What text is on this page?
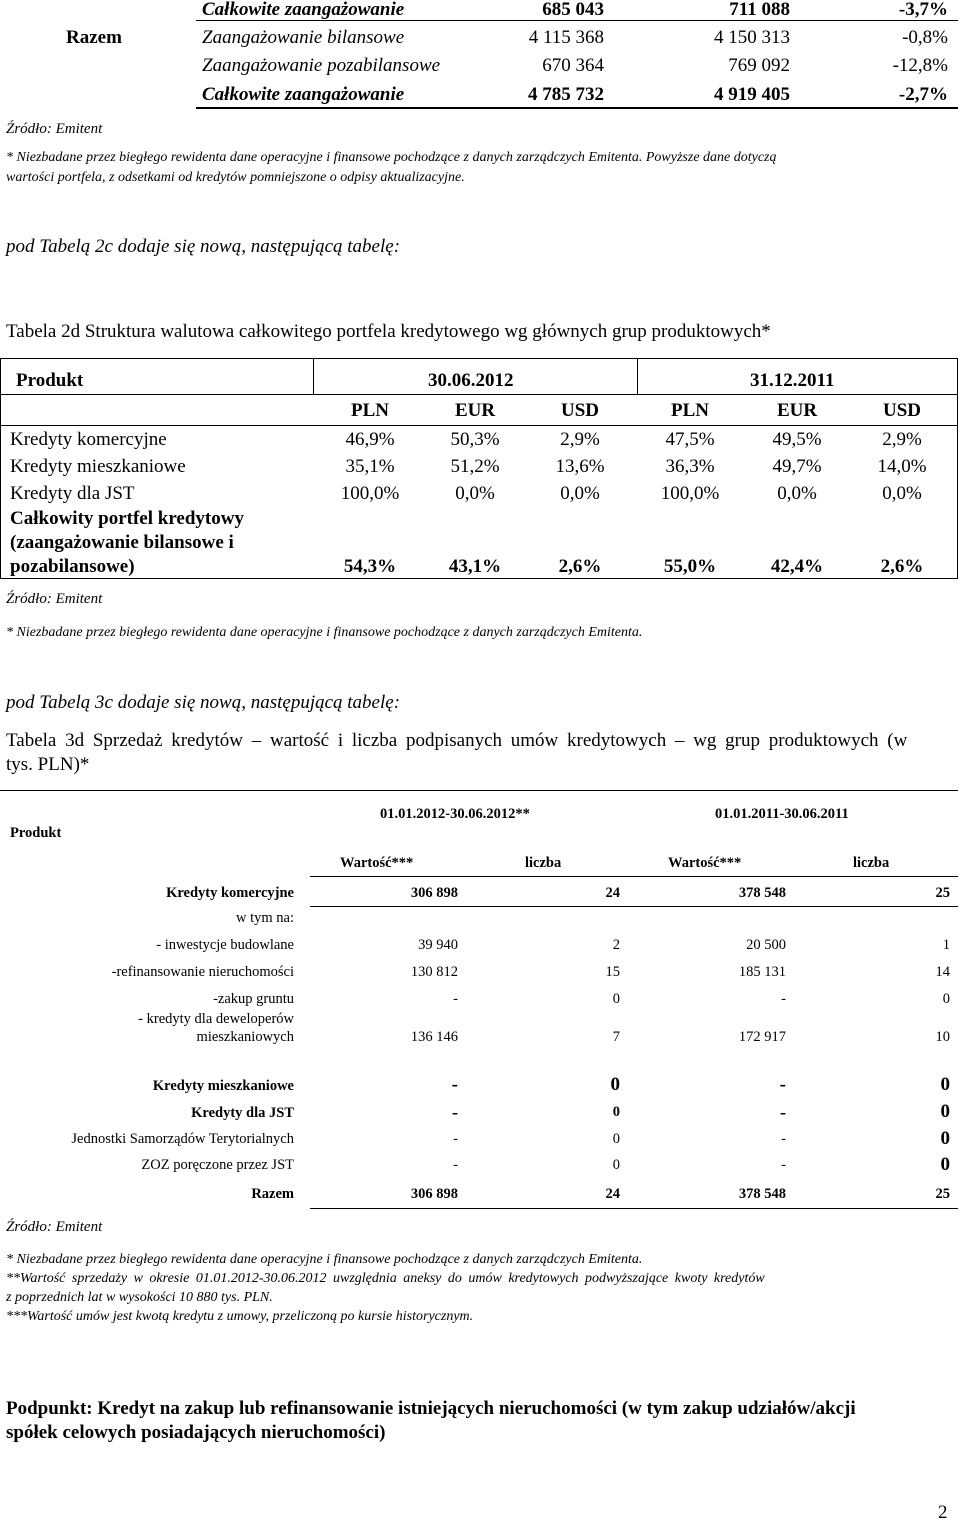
Razem
Całkowite zaangażowanie	685 043	711 088	-3,7%
Zaangażowanie bilansowe	4 115 368	4 150 313	-0,8%
Zaangażowanie pozabilansowe	670 364	769 092	-12,8%
Całkowite zaangażowanie	4 785 732	4 919 405	-2,7%
Źródło: Emitent
* Niezbadane przez biegłego rewidenta dane operacyjne i finansowe pochodzące z danych zarządczych Emitenta. Powyższe dane dotyczą
wartości portfela, z odsetkami od kredytów pomniejszone o odpisy aktualizacyjne.
pod Tabelą 2c dodaje się nową, następującą tabelę:
Tabela 2d Struktura walutowa całkowitego portfela kredytowego wg głównych grup produktowych*
Produkt	30.06.2012	31.12.2011
PLN	EUR	USD	PLN	EUR	USD
Kredyty komercyjne	46,9%	50,3%	2,9%	47,5%	49,5%	2,9%
Kredyty mieszkaniowe	35,1%	51,2%	13,6%	36,3%	49,7%	14,0%
Kredyty dla JST	100,0%	0,0%	0,0%	100,0%	0,0%	0,0%
Całkowity portfel kredytowy
(zaangażowanie bilansowe i
pozabilansowe)	54,3%	43,1%	2,6%	55,0%	42,4%	2,6%
Źródło: Emitent
* Niezbadane przez biegłego rewidenta dane operacyjne i finansowe pochodzące z danych zarządczych Emitenta.
pod Tabelą 3c dodaje się nową, następującą tabelę:
Tabela 3d Sprzedaż kredytów – wartość i liczba podpisanych umów kredytowych – wg grup produktowych (w
tys. PLN)*
Produkt
01.01.2012-30.06.2012**	01.01.2011-30.06.2011
Wartość***	liczba	Wartość***	liczba
Kredyty komercyjne	306 898	24	378 548	25
w tym na:
- inwestycje budowlane	39 940	2	20 500	1
-refinansowanie nieruchomości	130 812	15	185 131	14
-zakup gruntu	-	0	-	0
- kredyty dla deweloperów
mieszkaniowych	136 146	7	172 917	10
Kredyty mieszkaniowe	-	0	-	0
Kredyty dla JST	-	0	-	0
Jednostki Samorządów Terytorialnych	-	0	-	0
ZOZ poręczone przez JST	-	0	-	0
Razem	306 898	24	378 548	25
Źródło: Emitent
* Niezbadane przez biegłego rewidenta dane operacyjne i finansowe pochodzące z danych zarządczych Emitenta.
**Wartość sprzedaży w okresie 01.01.2012-30.06.2012 uwzględnia aneksy do umów kredytowych podwyższające kwoty kredytów
z poprzednich lat w wysokości 10 880 tys. PLN.
***Wartość umów jest kwotą kredytu z umowy, przeliczoną po kursie historycznym.
Podpunkt: Kredyt na zakup lub refinansowanie istniejących nieruchomości (w tym zakup udziałów/akcji
spółek celowych posiadających nieruchomości)
2
